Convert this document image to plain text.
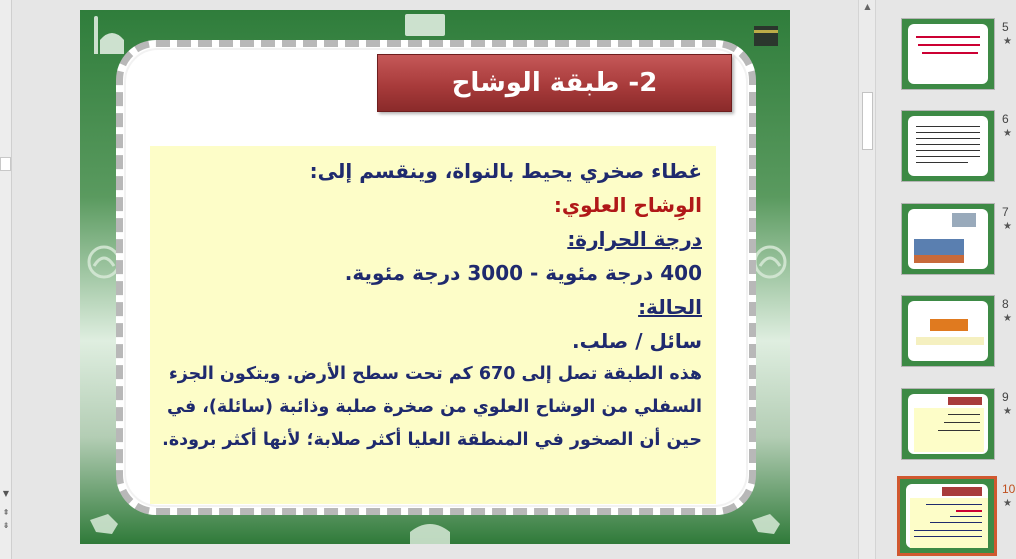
▼
⇞
⇟
2- طبقة الوشاح
غطاء صخري يحيط بالنواة، وينقسم إلى:
الوِشاح العلوي:
درجة الحرارة:
400 درجة مئوية - 3000 درجة مئوية.
الحالة:
سائل / صلب.
هذه الطبقة تصل إلى 670 كم تحت سطح الأرض. ويتكون الجزء السفلي من الوشاح العلوي من صخرة صلبة وذائبة (سائلة)، في حين أن الصخور في المنطقة العليا أكثر صلابة؛ لأنها أكثر برودة.
▲
5
★
6
★
7
★
8
★
9
★
10
★
